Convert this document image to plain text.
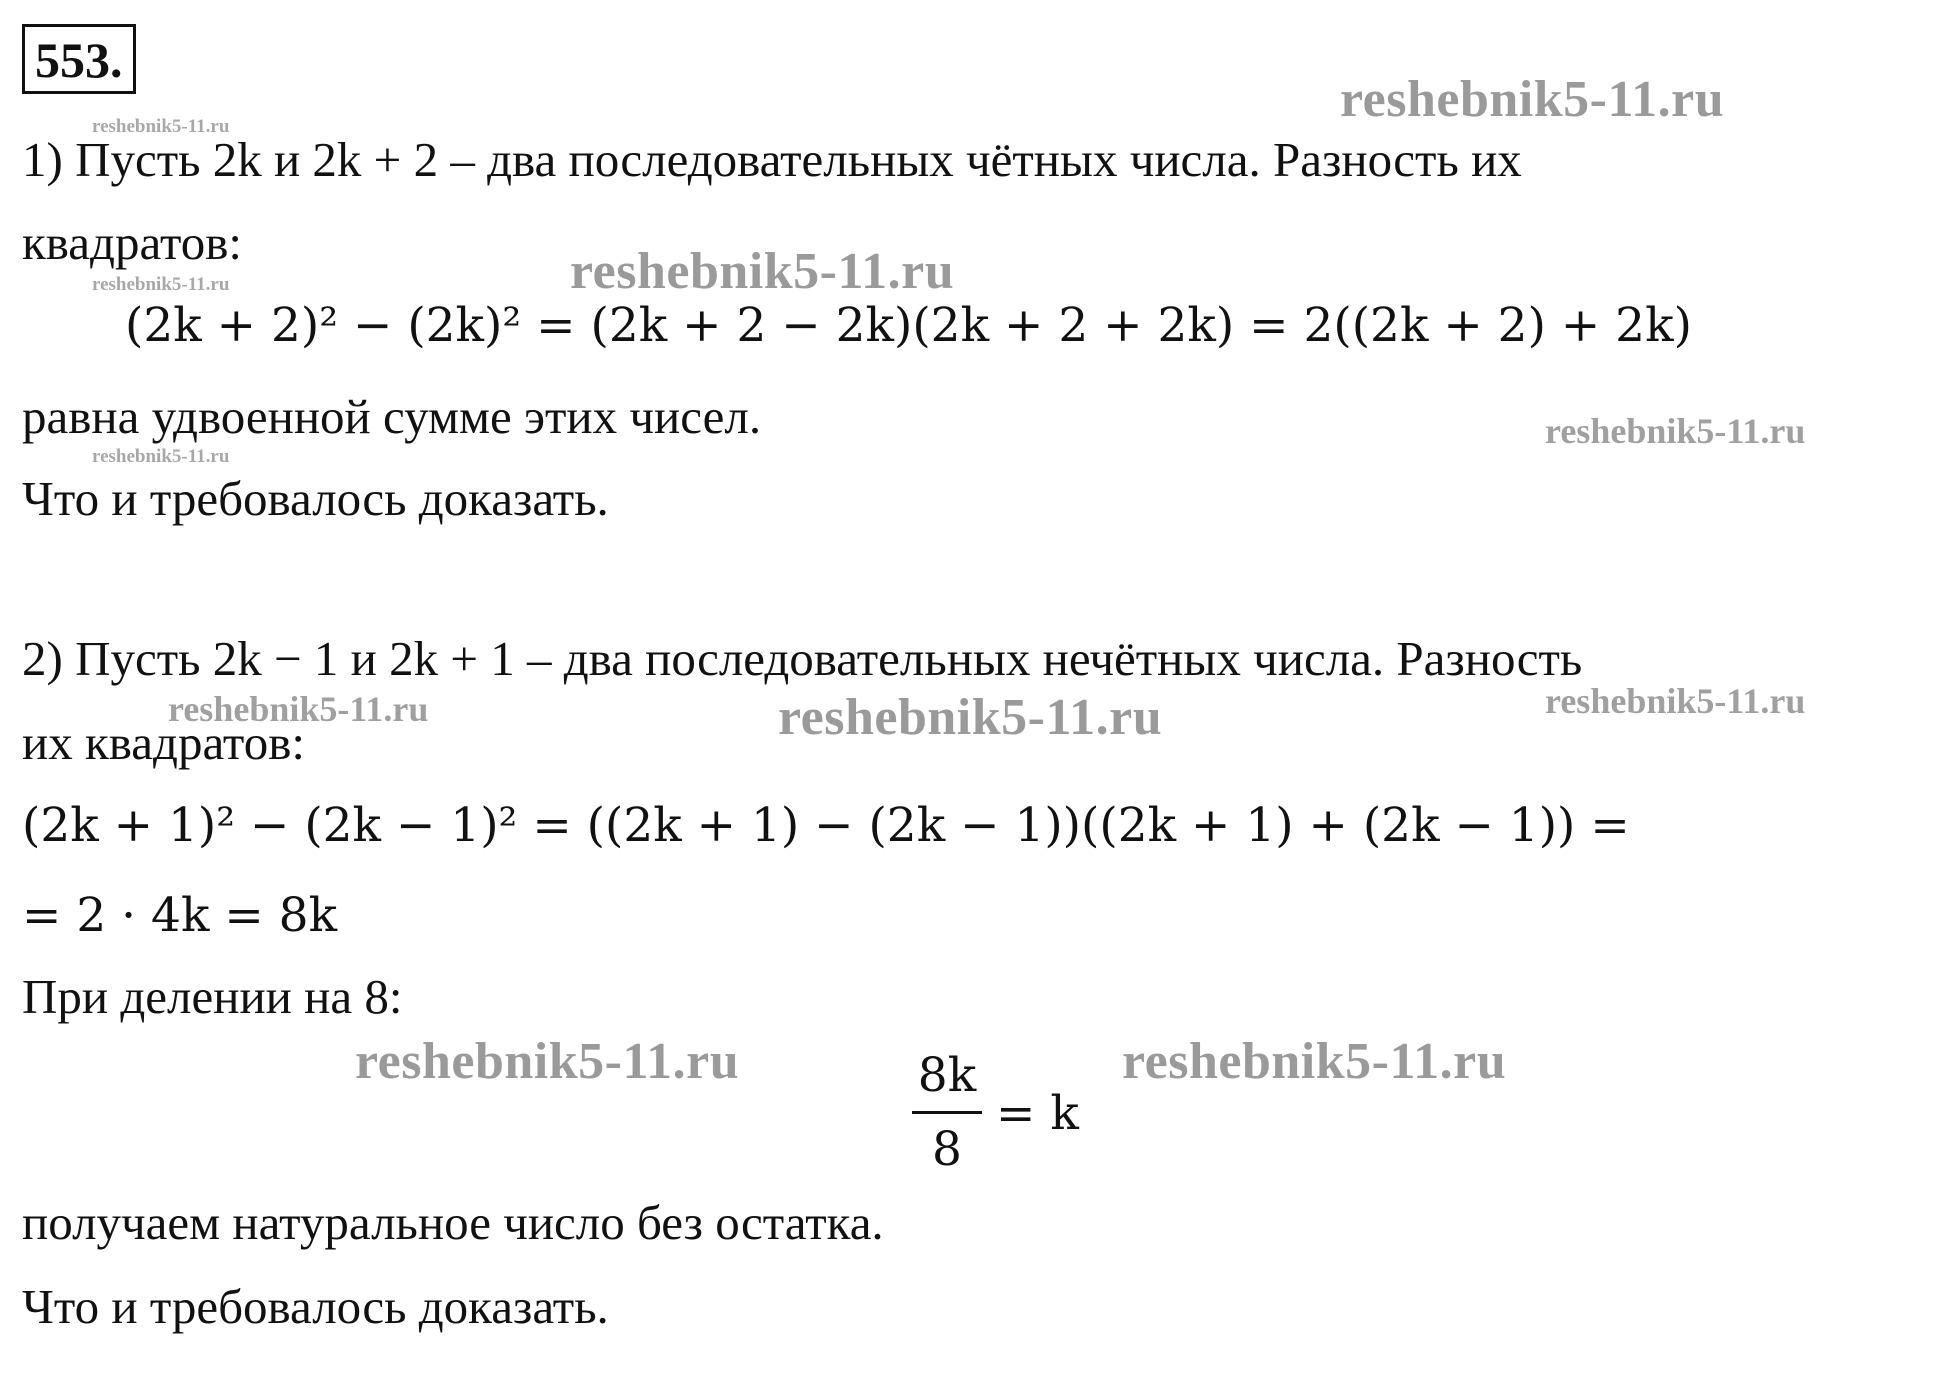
553.
reshebnik5-11.ru
reshebnik5-11.ru
reshebnik5-11.ru
reshebnik5-11.ru
reshebnik5-11.ru
reshebnik5-11.ru
reshebnik5-11.ru	reshebnik5-11.ru	reshebnik5-11.ru
reshebnik5-11.ru	reshebnik5-11.ru
1) Пусть 2k и 2k + 2 – два последовательных чётных числа. Разность их
квадратов:
(2k + 2)² − (2k)² = (2k + 2 − 2k)(2k + 2 + 2k) = 2((2k + 2) + 2k)
равна удвоенной сумме этих чисел.
Что и требовалось доказать.
2) Пусть 2k − 1 и 2k + 1 – два последовательных нечётных числа. Разность
их квадратов:
(2k + 1)² − (2k − 1)² = ((2k + 1) − (2k − 1))((2k + 1) + (2k − 1)) =
= 2 · 4k = 8k
При делении на 8:
8k
8
= k
получаем натуральное число без остатка.
Что и требовалось доказать.
